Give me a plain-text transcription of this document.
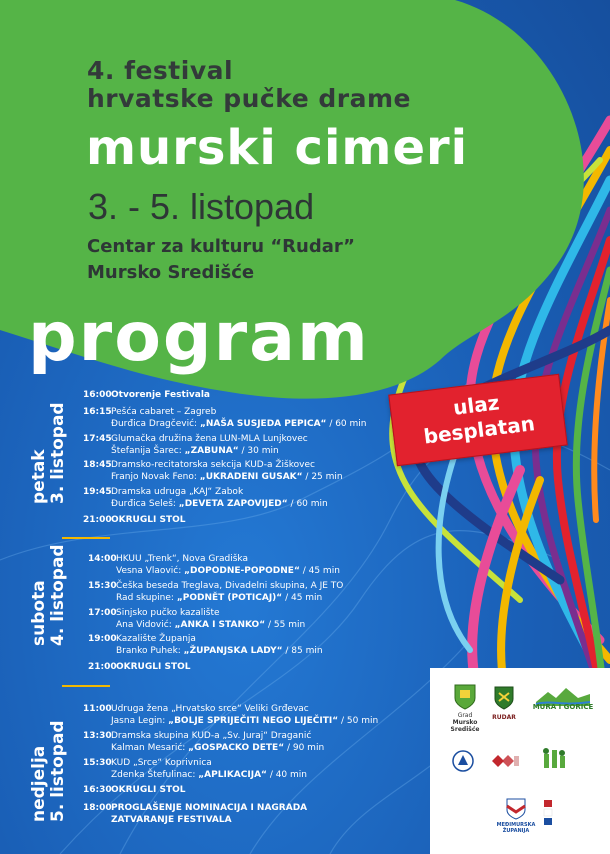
4. festival
hrvatske pučke drame
murski cimeri
3. - 5. listopad
Centar za kulturu “Rudar”
Mursko Središće
program
ulaz
besplatan
petak 3. listopad
16:00 Otvorenje Festivala
16:15 Pešća cabaret – Zagreb
Đurđica Dragčević: „NAŠA SUSJEDA PEPICA“ / 60 min
17:45 Glumačka družina žena LUN-MLA Lunjkovec
Štefanija Šarec: „ZABUNA“ / 30 min
18:45 Dramsko-recitatorska sekcija KUD-a Žiškovec
Franjo Novak Feno: „UKRADENI GUSAK“ / 25 min
19:45 Dramska udruga „KAJ“ Zabok
Đurđica Seleš: „DEVETA ZAPOVIJED“ / 60 min
21:00 OKRUGLI STOL
subota 4. listopad 14:00 HKUU „Trenk“, Nova Gradiška
Vesna Vlaović: „DOPODNE-POPODNE“ / 45 min
15:30 Češka beseda Treglava, Divadelni skupina, A JE TO
Rad skupine: „PODNĚT (POTICAJ)“ / 45 min
17:00 Sinjsko pučko kazalište
Ana Vidović: „ANKA I STANKO“ / 55 min
19:00 Kazalište Županja
Branko Puhek: „ŽUPANJSKA LADY“ / 85 min
21:00 OKRUGLI STOL
nedjelja 5. listopad
11:00 Udruga žena „Hrvatsko srce“ Veliki Grđevac
Jasna Legin: „BOLJE SPRIJEČITI NEGO LIJEČITI“ / 50 min
13:30 Dramska skupina KUD-a „Sv. Juraj“ Draganić
Kalman Mesarić: „GOSPACKO DETE“ / 90 min
15:30 KUD „Srce“ Koprivnica
Zdenka Štefulinac: „APLIKACIJA“ / 40 min
16:30 OKRUGLI STOL
18:00 PROGLAŠENJE NOMINACIJA I NAGRADA
ZATVARANJE FESTIVALA
Grad
Mursko
Središće
RUDAR
MURA I GORICE
MEĐIMURSKA
ŽUPANIJA
